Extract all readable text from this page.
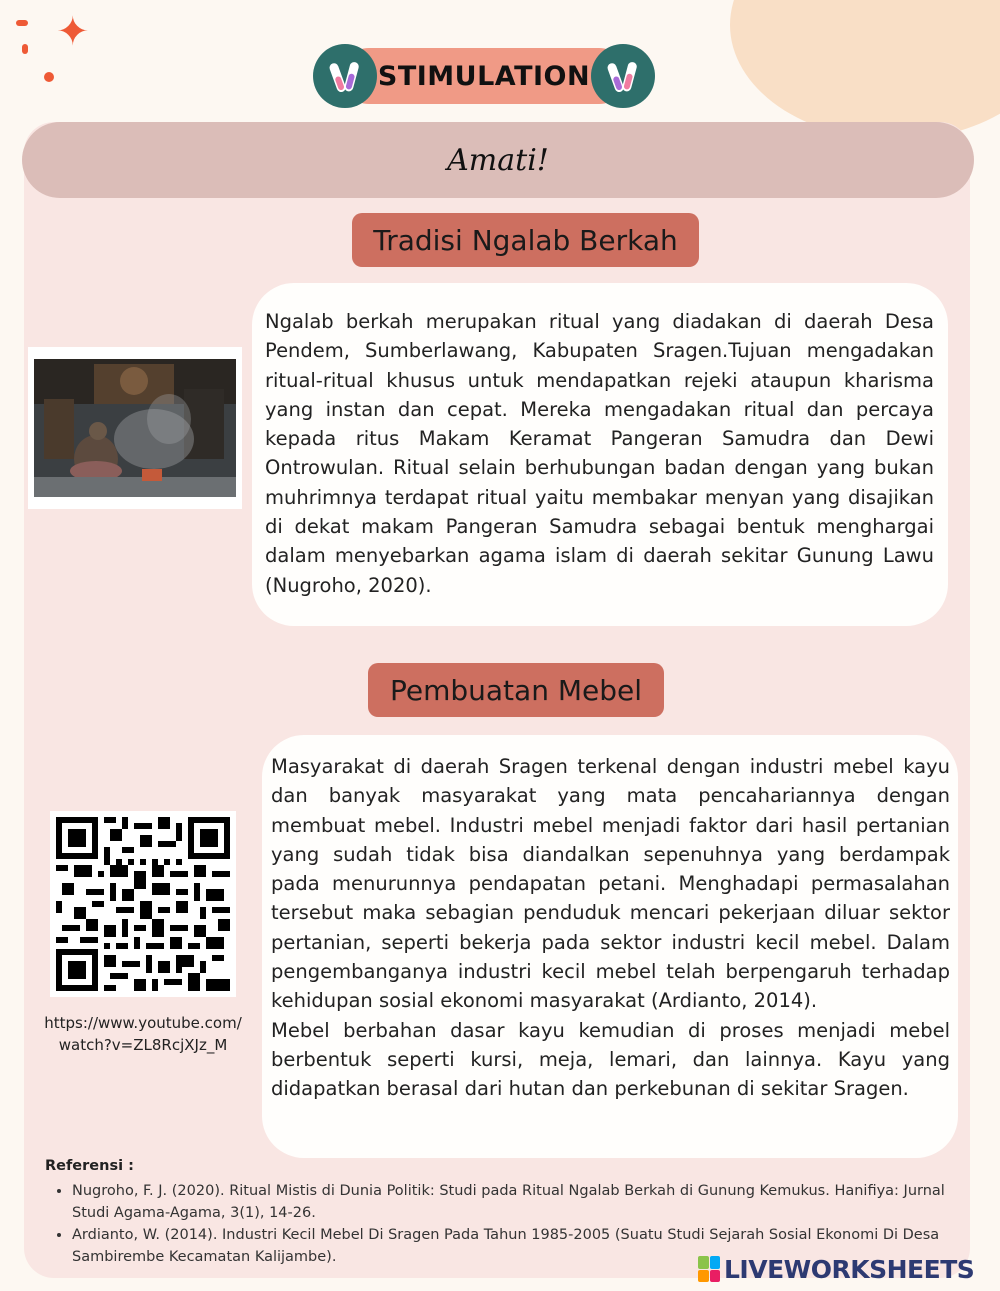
✦
STIMULATION
Amati!
Tradisi Ngalab Berkah

Ngalab berkah merupakan ritual yang diadakan di daerah Desa Pendem, Sumberlawang, Kabupaten Sragen.Tujuan mengadakan ritual-ritual khusus untuk mendapatkan rejeki ataupun kharisma yang instan dan cepat. Mereka mengadakan ritual dan percaya kepada ritus Makam Keramat Pangeran Samudra dan Dewi Ontrowulan. Ritual selain berhubungan badan dengan yang bukan muhrimnya terdapat ritual yaitu membakar menyan yang disajikan di dekat makam Pangeran Samudra sebagai bentuk menghargai dalam menyebarkan agama islam di daerah sekitar Gunung Lawu (Nugroho, 2020).

Pembuatan Mebel
https://www.youtube.com/
watch?v=ZL8RcjXJz_M

Masyarakat di daerah Sragen terkenal dengan industri mebel kayu dan banyak masyarakat yang mata pencahariannya dengan membuat mebel. Industri mebel menjadi faktor dari hasil pertanian yang sudah tidak bisa diandalkan sepenuhnya yang berdampak pada menurunnya pendapatan petani. Menghadapi permasalahan tersebut maka sebagian penduduk mencari pekerjaan diluar sektor pertanian, seperti bekerja pada sektor industri kecil mebel. Dalam pengembanganya industri kecil mebel telah berpengaruh terhadap kehidupan sosial ekonomi masyarakat (Ardianto, 2014).

Mebel berbahan dasar kayu kemudian di proses menjadi mebel berbentuk seperti kursi, meja, lemari, dan lainnya. Kayu yang didapatkan berasal dari hutan dan perkebunan di sekitar Sragen.

Referensi :
• Nugroho, F. J. (2020). Ritual Mistis di Dunia Politik: Studi pada Ritual Ngalab Berkah di Gunung Kemukus. Hanifiya: Jurnal Studi Agama-Agama, 3(1), 14-26.
• Ardianto, W. (2014). Industri Kecil Mebel Di Sragen Pada Tahun 1985-2005 (Suatu Studi Sejarah Sosial Ekonomi Di Desa Sambirembe Kecamatan Kalijambe).	LIVEWORKSHEETS
